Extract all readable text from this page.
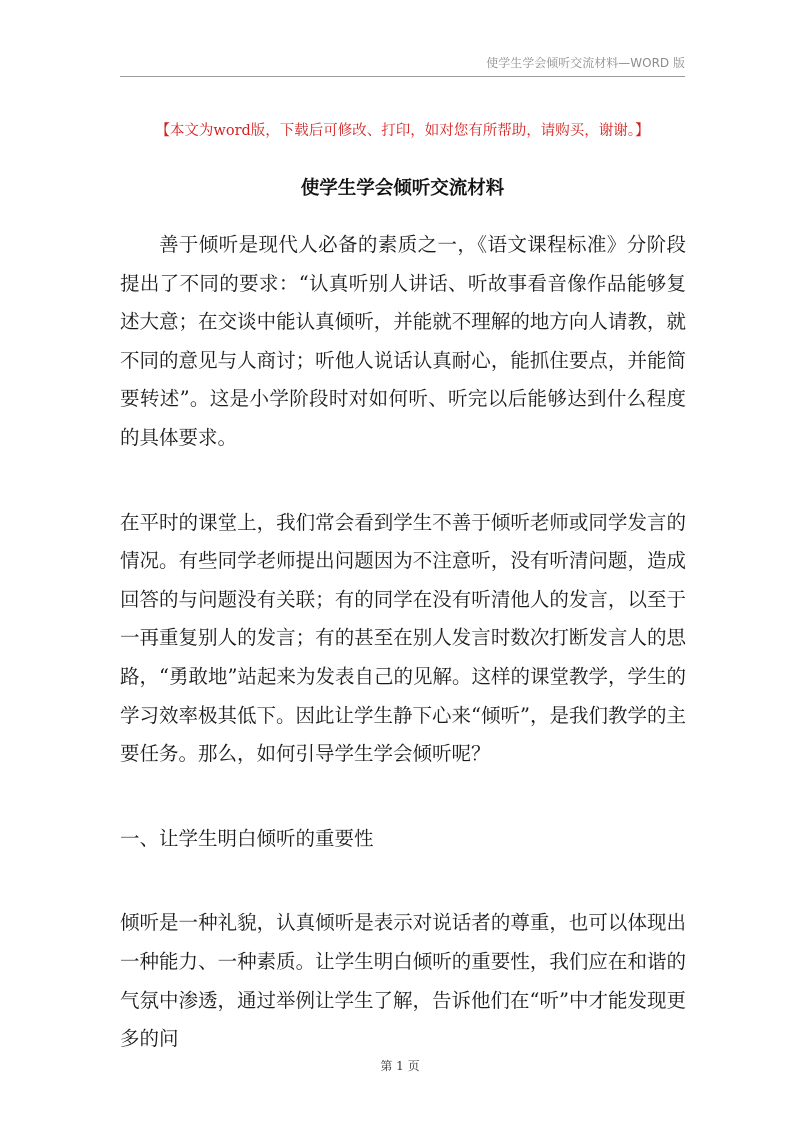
使学生学会倾听交流材料—WORD 版
【本文为word版，下载后可修改、打印，如对您有所帮助，请购买，谢谢。】
使学生学会倾听交流材料

善于倾听是现代人必备的素质之一，《语文课程标准》分阶段提出了不同的要求：“认真听别人讲话、听故事看音像作品能够复述大意；在交谈中能认真倾听，并能就不理解的地方向人请教，就不同的意见与人商讨；听他人说话认真耐心，能抓住要点，并能简要转述”。这是小学阶段时对如何听、听完以后能够达到什么程度的具体要求。

在平时的课堂上，我们常会看到学生不善于倾听老师或同学发言的情况。有些同学老师提出问题因为不注意听，没有听清问题，造成回答的与问题没有关联；有的同学在没有听清他人的发言，以至于一再重复别人的发言；有的甚至在别人发言时数次打断发言人的思路，“勇敢地”站起来为发表自己的见解。这样的课堂教学，学生的学习效率极其低下。因此让学生静下心来“倾听”，是我们教学的主要任务。那么，如何引导学生学会倾听呢？

一、让学生明白倾听的重要性

倾听是一种礼貌，认真倾听是表示对说话者的尊重，也可以体现出一种能力、一种素质。让学生明白倾听的重要性，我们应在和谐的气氛中渗透，通过举例让学生了解，告诉他们在“听”中才能发现更多的问

第 1 页
